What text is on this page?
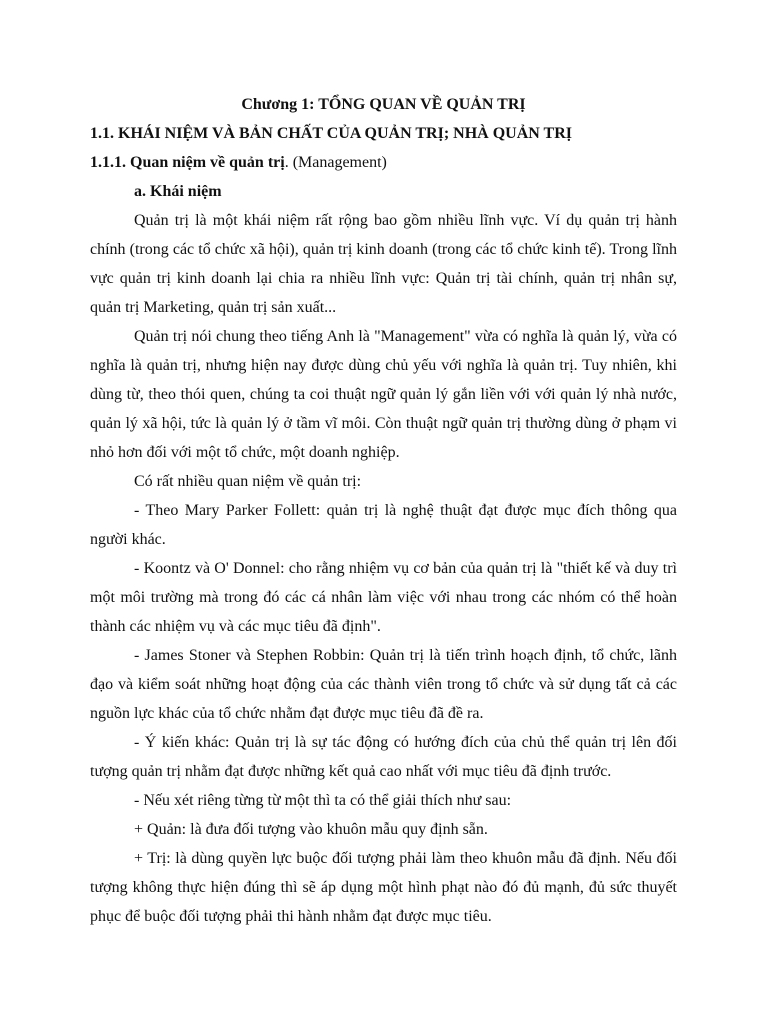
Chương 1: TỔNG QUAN VỀ QUẢN TRỊ
1.1. KHÁI NIỆM VÀ BẢN CHẤT CỦA QUẢN TRỊ; NHÀ QUẢN TRỊ
1.1.1. Quan niệm về quản trị. (Management)
a. Khái niệm

Quản trị là một khái niệm rất rộng bao gồm nhiều lĩnh vực. Ví dụ quản trị hành chính (trong các tổ chức xã hội), quản trị kinh doanh (trong các tổ chức kinh tế). Trong lĩnh vực quản trị kinh doanh lại chia ra nhiều lĩnh vực: Quản trị tài chính, quản trị nhân sự, quản trị Marketing, quản trị sản xuất...

Quản trị nói chung theo tiếng Anh là "Management" vừa có nghĩa là quản lý, vừa có nghĩa là quản trị, nhưng hiện nay được dùng chủ yếu với nghĩa là quản trị. Tuy nhiên, khi dùng từ, theo thói quen, chúng ta coi thuật ngữ quản lý gắn liền với với quản lý nhà nước, quản lý xã hội, tức là quản lý ở tầm vĩ môi. Còn thuật ngữ quản trị thường dùng ở phạm vi nhỏ hơn đối với một tổ chức, một doanh nghiệp.

Có rất nhiều quan niệm về quản trị:

- Theo Mary Parker Follett: quản trị là nghệ thuật đạt được mục đích thông qua người khác.

- Koontz và O' Donnel: cho rằng nhiệm vụ cơ bản của quản trị là "thiết kế và duy trì một môi trường mà trong đó các cá nhân làm việc với nhau trong các nhóm có thể hoàn thành các nhiệm vụ và các mục tiêu đã định".

- James Stoner và Stephen Robbin: Quản trị là tiến trình hoạch định, tổ chức, lãnh đạo và kiểm soát những hoạt động của các thành viên trong tổ chức và sử dụng tất cả các nguồn lực khác của tổ chức nhằm đạt được mục tiêu đã đề ra.

- Ý kiến khác: Quản trị là sự tác động có hướng đích của chủ thể quản trị lên đối tượng quản trị nhằm đạt được những kết quả cao nhất với mục tiêu đã định trước.

- Nếu xét riêng từng từ một thì ta có thể giải thích như sau:

+ Quản: là đưa đối tượng vào khuôn mẫu quy định sẵn.

+ Trị: là dùng quyền lực buộc đối tượng phải làm theo khuôn mẫu đã định. Nếu đối tượng không thực hiện đúng thì sẽ áp dụng một hình phạt nào đó đủ mạnh, đủ sức thuyết phục để buộc đối tượng phải thi hành nhằm đạt được mục tiêu.
